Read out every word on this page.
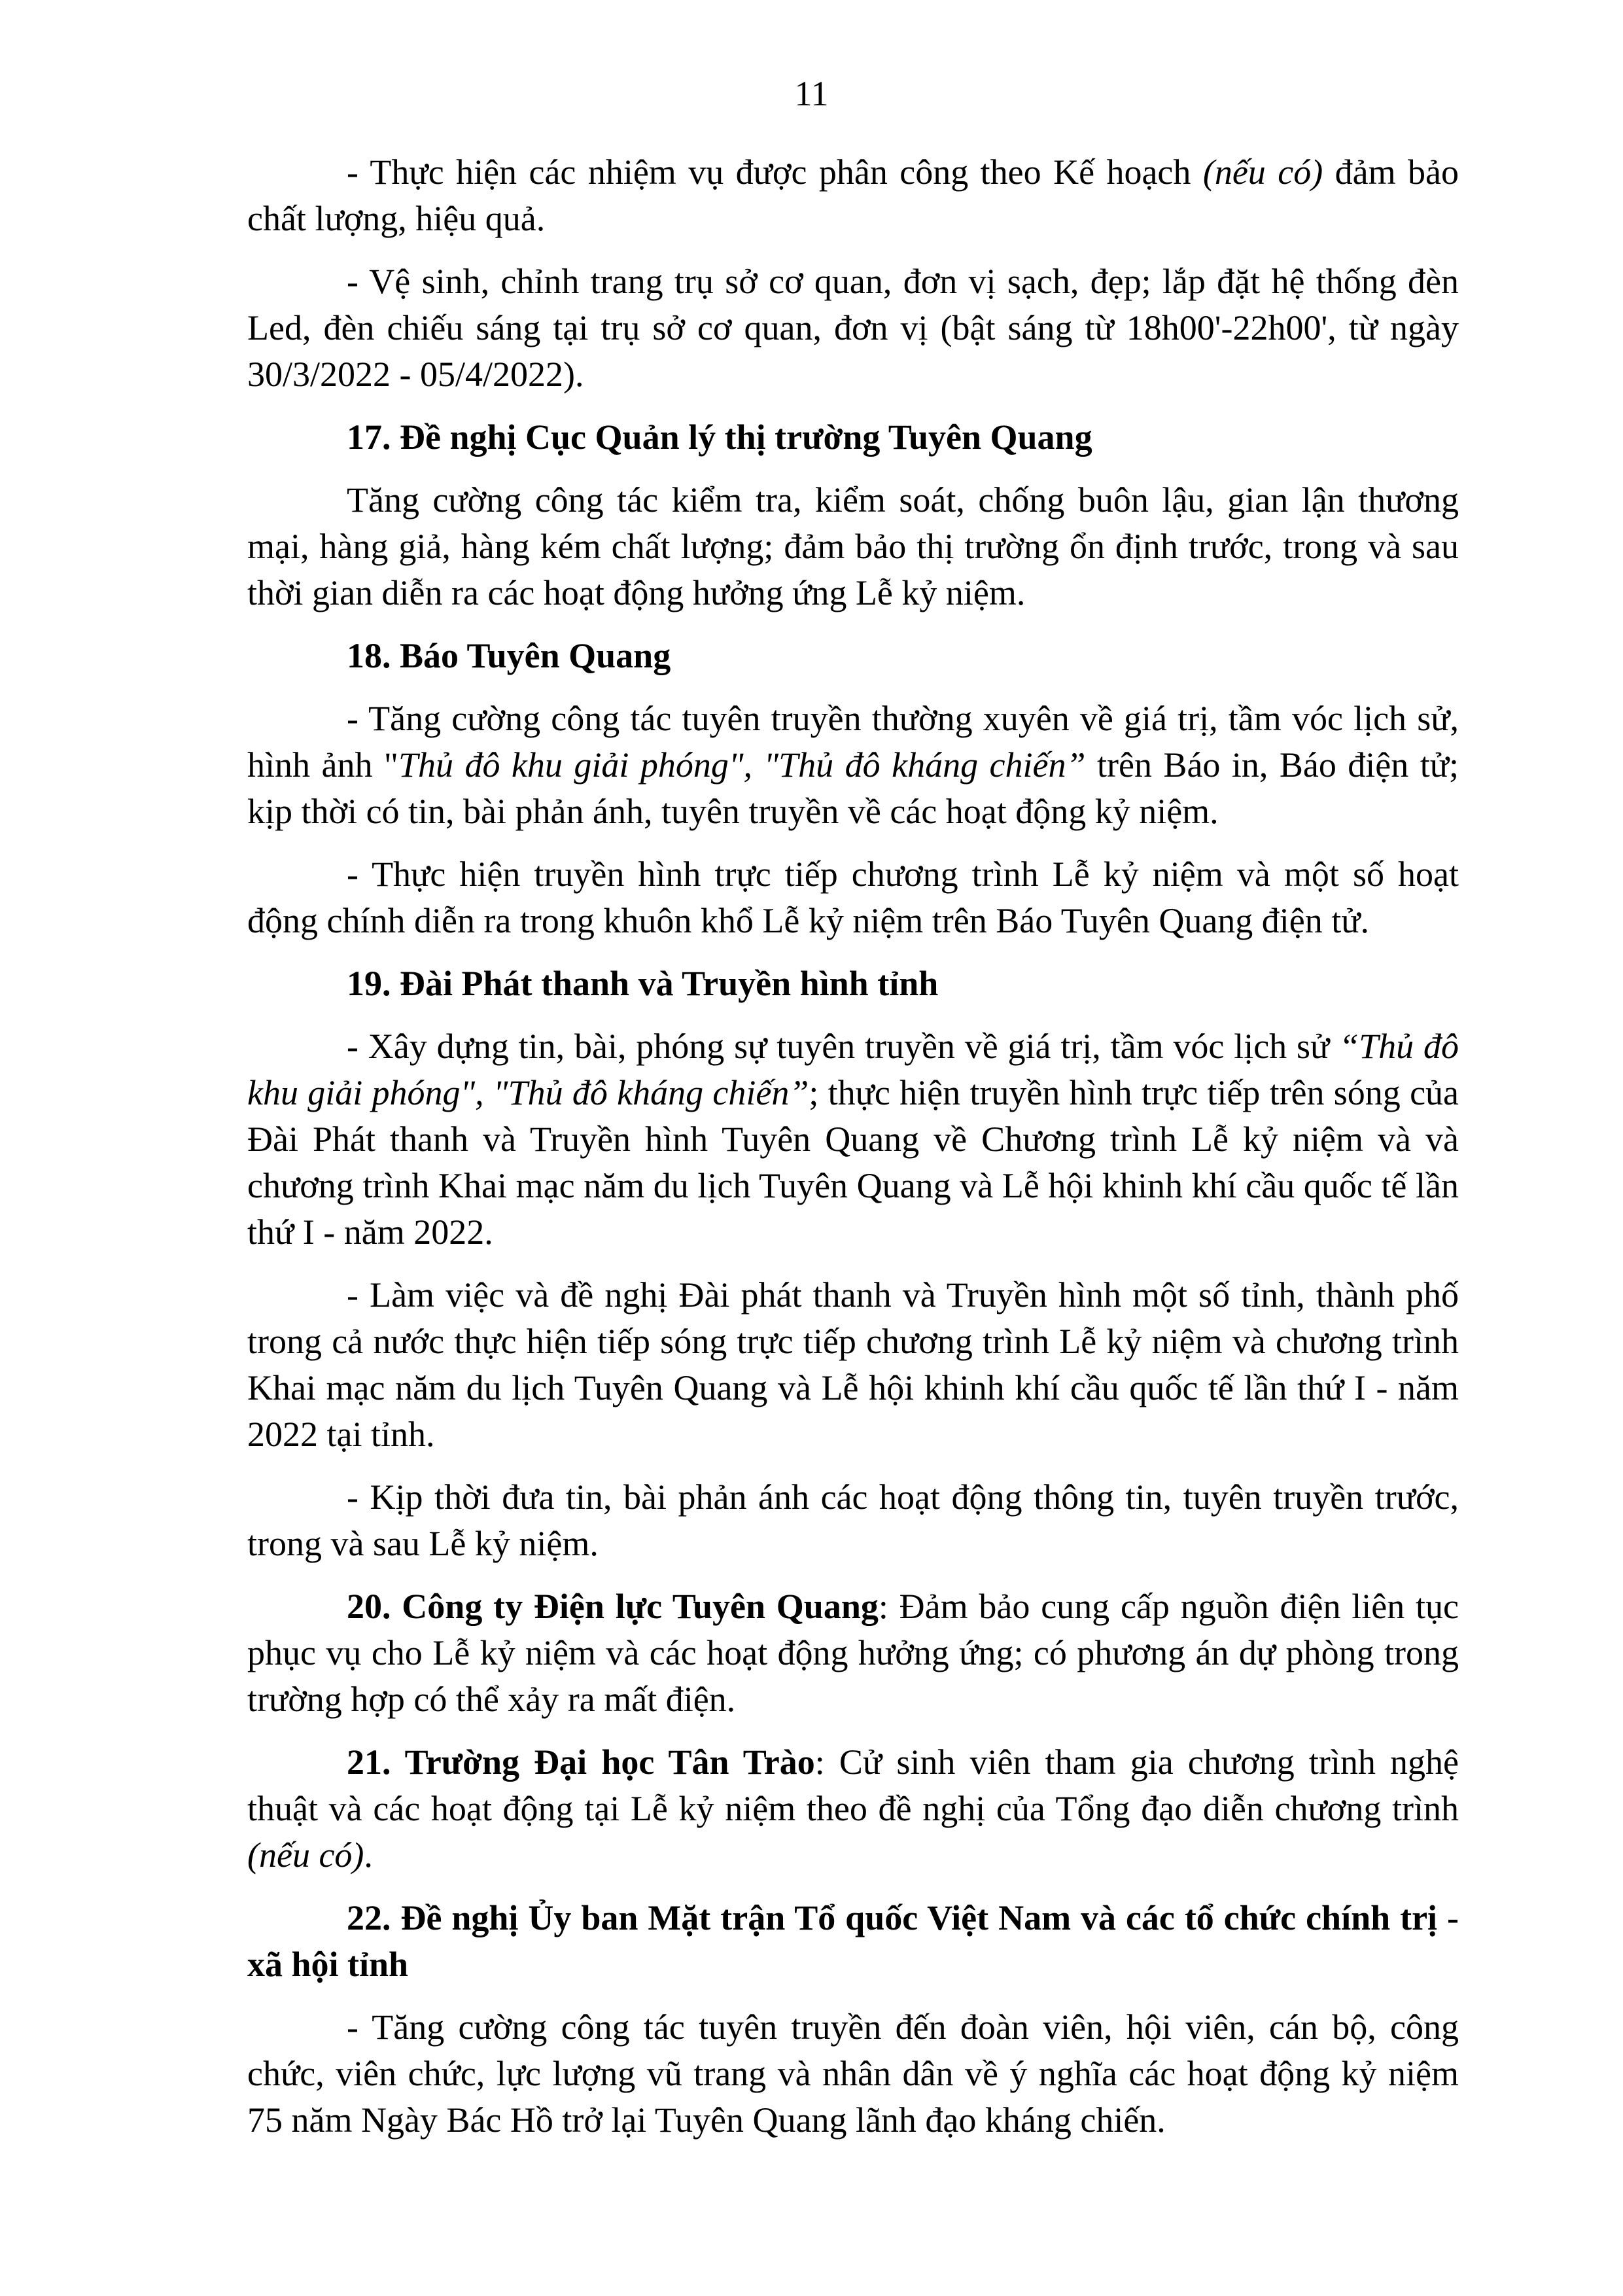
11

- Thực hiện các nhiệm vụ được phân công theo Kế hoạch (nếu có) đảm bảo chất lượng, hiệu quả.

- Vệ sinh, chỉnh trang trụ sở cơ quan, đơn vị sạch, đẹp; lắp đặt hệ thống đèn Led, đèn chiếu sáng tại trụ sở cơ quan, đơn vị (bật sáng từ 18h00'-22h00', từ ngày 30/3/2022 - 05/4/2022).

17. Đề nghị Cục Quản lý thị trường Tuyên Quang

Tăng cường công tác kiểm tra, kiểm soát, chống buôn lậu, gian lận thương mại, hàng giả, hàng kém chất lượng; đảm bảo thị trường ổn định trước, trong và sau thời gian diễn ra các hoạt động hưởng ứng Lễ kỷ niệm.

18. Báo Tuyên Quang

- Tăng cường công tác tuyên truyền thường xuyên về giá trị, tầm vóc lịch sử, hình ảnh "Thủ đô khu giải phóng", "Thủ đô kháng chiến” trên Báo in, Báo điện tử; kịp thời có tin, bài phản ánh, tuyên truyền về các hoạt động kỷ niệm.

- Thực hiện truyền hình trực tiếp chương trình Lễ kỷ niệm và một số hoạt động chính diễn ra trong khuôn khổ Lễ kỷ niệm trên Báo Tuyên Quang điện tử.

19. Đài Phát thanh và Truyền hình tỉnh

- Xây dựng tin, bài, phóng sự tuyên truyền về giá trị, tầm vóc lịch sử “Thủ đô khu giải phóng", "Thủ đô kháng chiến”; thực hiện truyền hình trực tiếp trên sóng của Đài Phát thanh và Truyền hình Tuyên Quang về Chương trình Lễ kỷ niệm và và chương trình Khai mạc năm du lịch Tuyên Quang và Lễ hội khinh khí cầu quốc tế lần thứ I - năm 2022.

- Làm việc và đề nghị Đài phát thanh và Truyền hình một số tỉnh, thành phố trong cả nước thực hiện tiếp sóng trực tiếp chương trình Lễ kỷ niệm và chương trình Khai mạc năm du lịch Tuyên Quang và Lễ hội khinh khí cầu quốc tế lần thứ I - năm 2022 tại tỉnh.

- Kịp thời đưa tin, bài phản ánh các hoạt động thông tin, tuyên truyền trước, trong và sau Lễ kỷ niệm.

20. Công ty Điện lực Tuyên Quang: Đảm bảo cung cấp nguồn điện liên tục phục vụ cho Lễ kỷ niệm và các hoạt động hưởng ứng; có phương án dự phòng trong trường hợp có thể xảy ra mất điện.

21. Trường Đại học Tân Trào: Cử sinh viên tham gia chương trình nghệ thuật và các hoạt động tại Lễ kỷ niệm theo đề nghị của Tổng đạo diễn chương trình (nếu có).

22. Đề nghị Ủy ban Mặt trận Tổ quốc Việt Nam và các tổ chức chính trị - xã hội tỉnh

- Tăng cường công tác tuyên truyền đến đoàn viên, hội viên, cán bộ, công chức, viên chức, lực lượng vũ trang và nhân dân về ý nghĩa các hoạt động kỷ niệm 75 năm Ngày Bác Hồ trở lại Tuyên Quang lãnh đạo kháng chiến.
